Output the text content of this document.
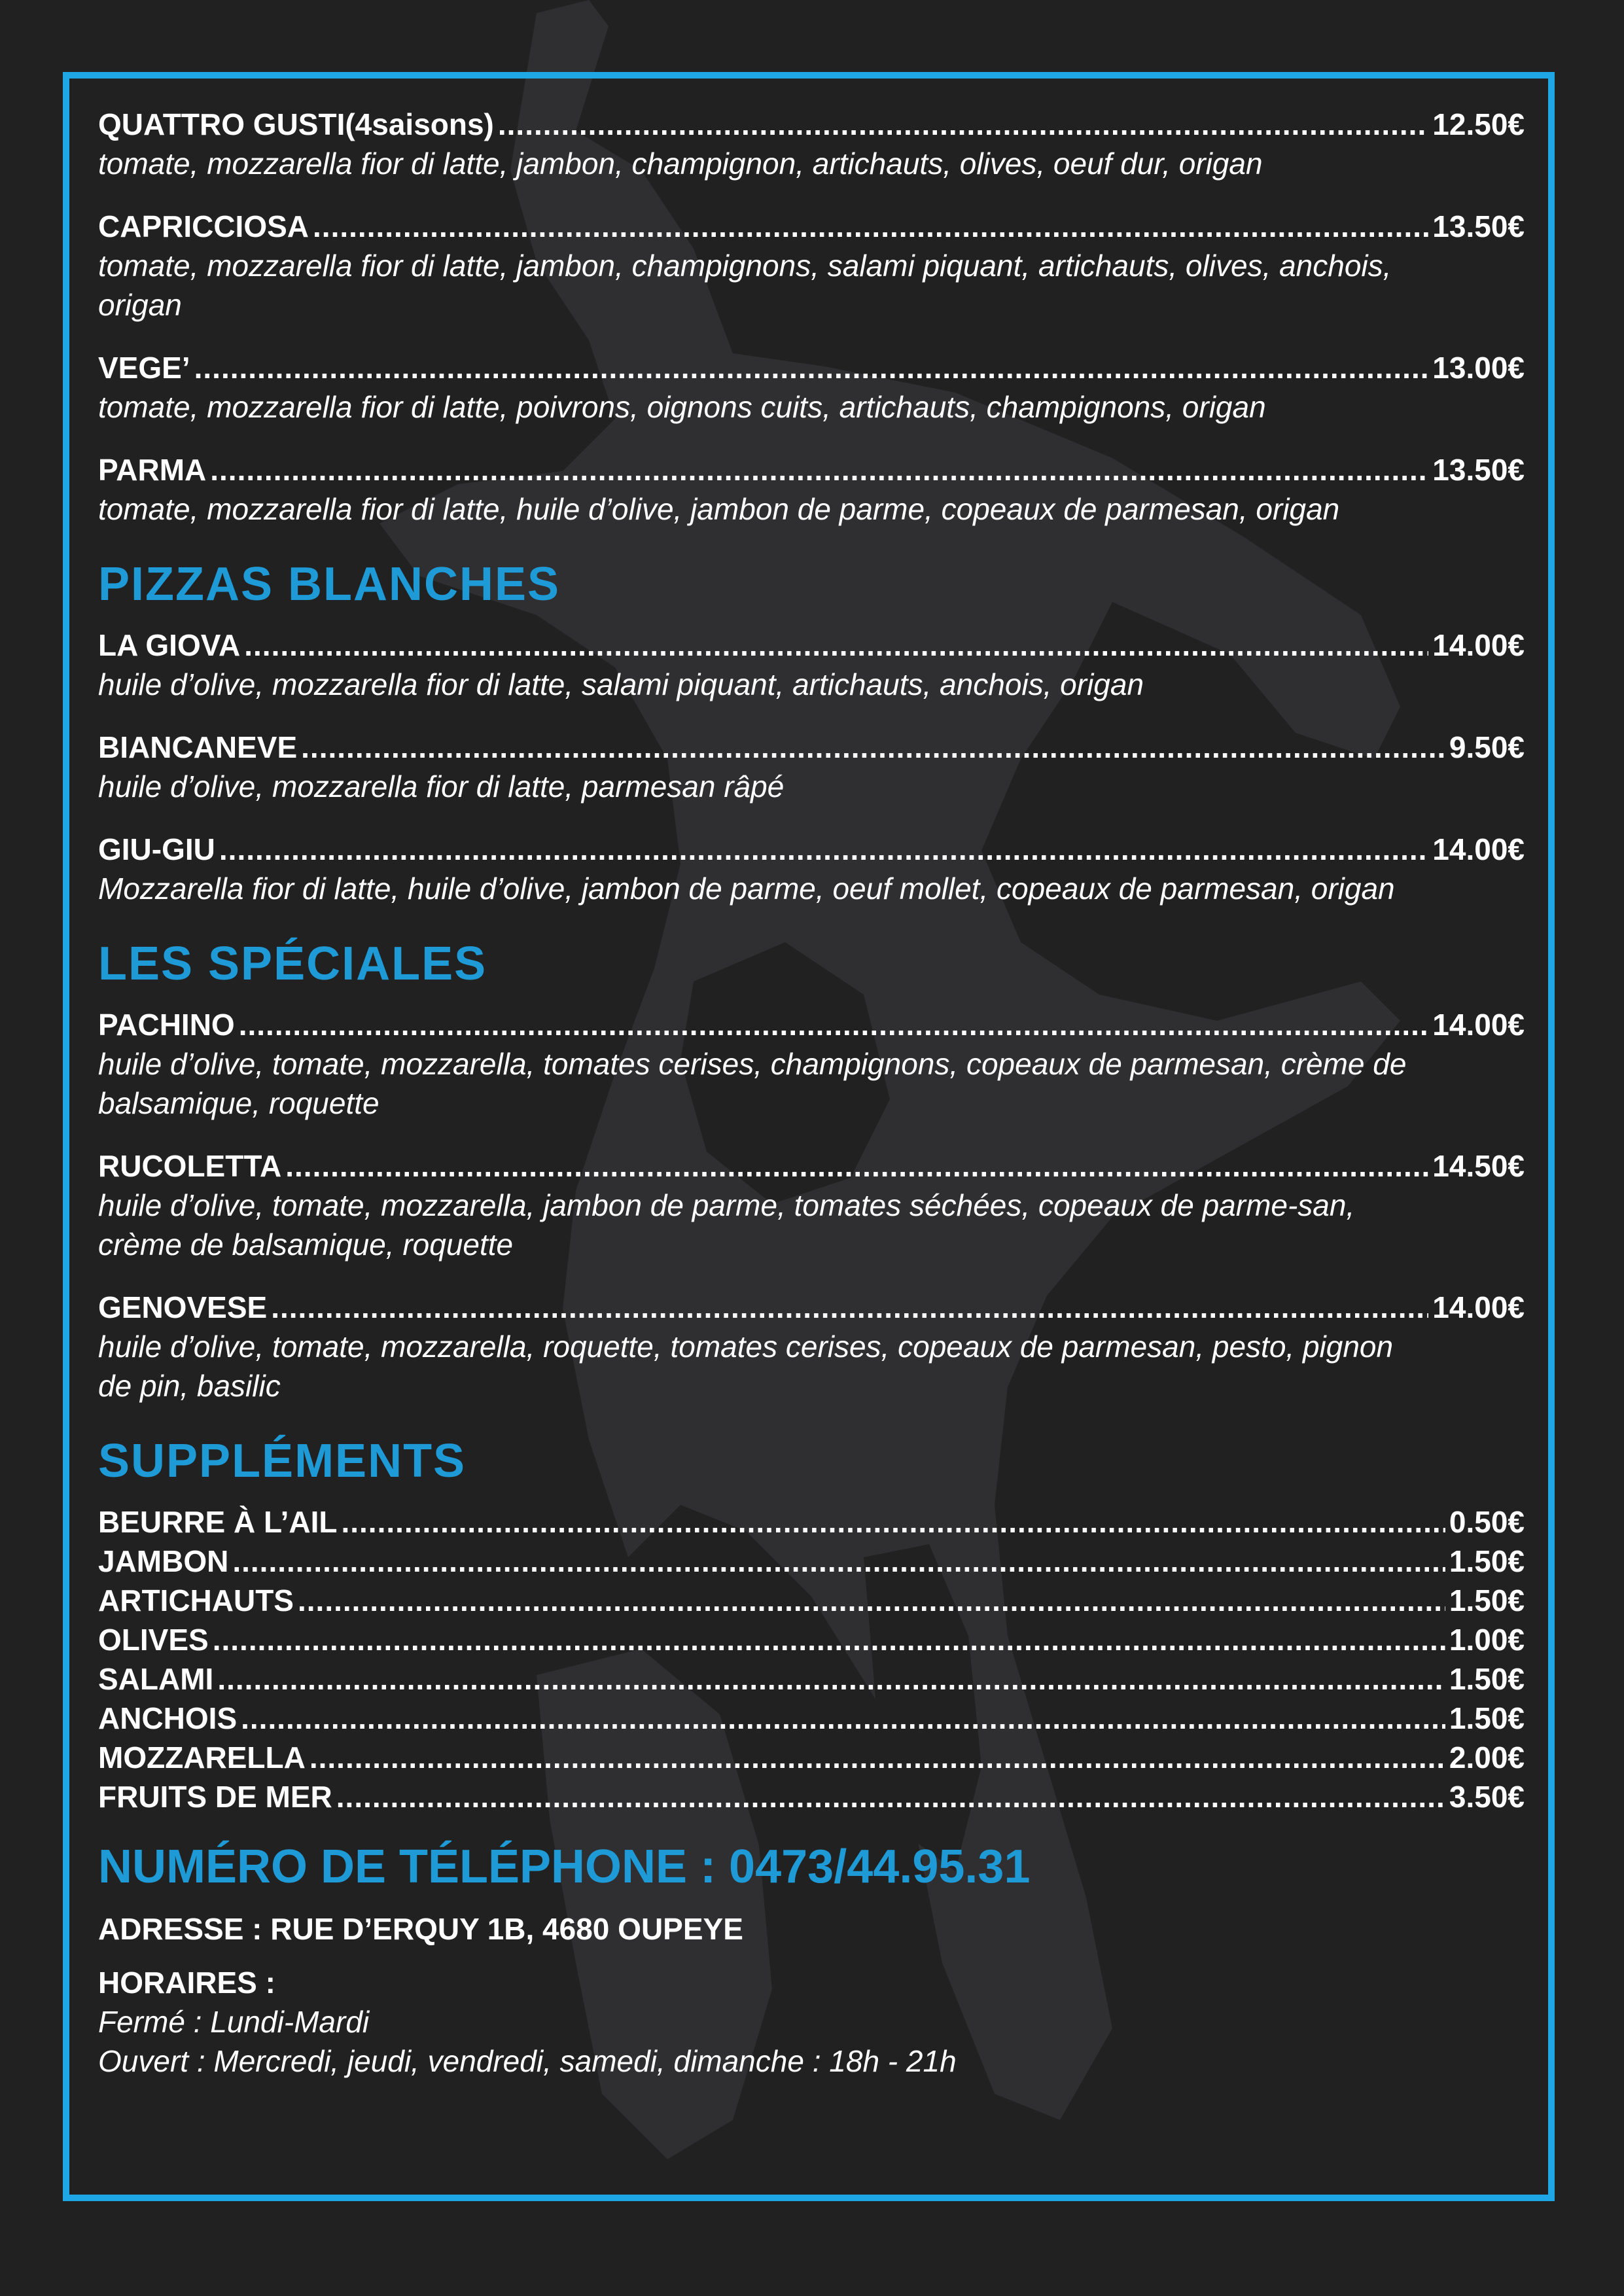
QUATTRO GUSTI(4saisons) .....	12.50€
tomate, mozzarella fior di latte, jambon, champignon, artichauts, olives, oeuf dur, origan
CAPRICCIOSA .....	13.50€
tomate, mozzarella fior di latte, jambon, champignons, salami piquant, artichauts, olives, anchois, origan
VEGE’ .....	13.00€
tomate, mozzarella fior di latte, poivrons, oignons cuits, artichauts, champignons, origan
PARMA .....	13.50€
tomate, mozzarella fior di latte, huile d’olive, jambon de parme, copeaux de parmesan, origan
PIZZAS BLANCHES
LA GIOVA .....	14.00€
huile d’olive, mozzarella fior di latte, salami piquant, artichauts, anchois, origan
BIANCANEVE .....	9.50€
huile d’olive, mozzarella fior di latte, parmesan râpé
GIU-GIU .....	14.00€
Mozzarella fior di latte, huile d’olive, jambon de parme, oeuf mollet, copeaux de parmesan, origan
LES SPÉCIALES
PACHINO .....	14.00€
huile d’olive, tomate, mozzarella, tomates cerises, champignons, copeaux de parmesan, crème de balsamique, roquette
RUCOLETTA .....	14.50€
huile d’olive, tomate, mozzarella, jambon de parme, tomates séchées, copeaux de parme-san, crème de balsamique, roquette
GENOVESE .....	14.00€
huile d’olive, tomate, mozzarella, roquette, tomates cerises, copeaux de parmesan, pesto, pignon de pin, basilic
SUPPLÉMENTS
BEURRE À L’AIL .....	0.50€
JAMBON .....	1.50€
ARTICHAUTS .....	1.50€
OLIVES .....	1.00€
SALAMI .....	1.50€
ANCHOIS .....	1.50€
MOZZARELLA .....	2.00€
FRUITS DE MER .....	3.50€
NUMÉRO DE TÉLÉPHONE : 0473/44.95.31
ADRESSE : RUE D’ERQUY 1B, 4680 OUPEYE
HORAIRES :
Fermé : Lundi-Mardi
Ouvert : Mercredi, jeudi, vendredi, samedi, dimanche : 18h - 21h
